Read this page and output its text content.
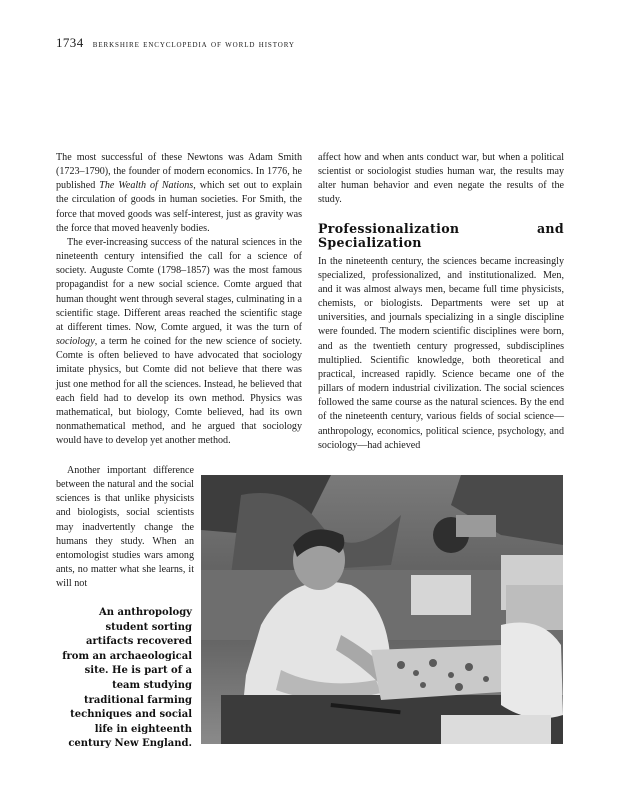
1734 berkshire encyclopedia of world history

The most successful of these Newtons was Adam Smith (1723–1790), the founder of modern economics. In 1776, he published The Wealth of Nations, which set out to explain the circulation of goods in human societies. For Smith, the force that moved goods was self-interest, just as gravity was the force that moved heavenly bodies.

The ever-increasing success of the natural sciences in the nineteenth century intensified the call for a science of society. Auguste Comte (1798–1857) was the most famous propagandist for a new social science. Comte argued that human thought went through several stages, culminating in a scientific stage. Different areas reached the scientific stage at different times. Now, Comte argued, it was the turn of sociology, a term he coined for the new science of society. Comte is often believed to have advocated that sociology imitate physics, but Comte did not believe that there was just one method for all the sciences. Instead, he believed that each field had to develop its own method. Physics was mathematical, but biology, Comte believed, had its own nonmathematical method, and he argued that sociology would have to develop yet another method.

Another important difference between the natural and the social sciences is that unlike physicists and biologists, social scientists may inadvertently change the humans they study. When an entomologist studies wars among ants, no matter what she learns, it will not

affect how and when ants conduct war, but when a political scientist or sociologist studies human war, the results may alter human behavior and even negate the results of the study.

Professionalization and Specialization

In the nineteenth century, the sciences became increasingly specialized, professionalized, and institutionalized. Men, and it was almost always men, became full time physicists, chemists, or biologists. Departments were set up at universities, and journals specializing in a single discipline were founded. The modern scientific disciplines were born, and as the twentieth century progressed, subdisciplines multiplied. Scientific knowledge, both theoretical and practical, increased rapidly. Science became one of the pillars of modern industrial civilization. The social sciences followed the same course as the natural sciences. By the end of the nineteenth century, various fields of social science—anthropology, economics, political science, psychology, and sociology—had achieved

An anthropology student sorting artifacts recovered from an archaeological site. He is part of a team studying traditional farming techniques and social life in eighteenth century New England.
